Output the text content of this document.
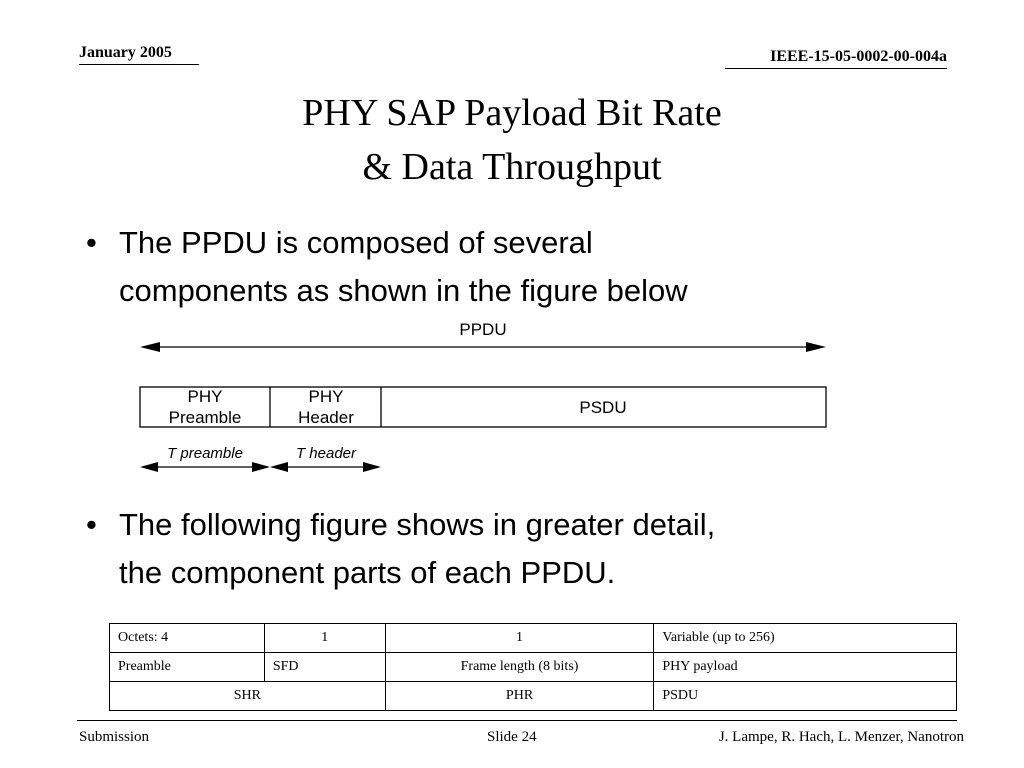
January 2005	IEEE-15-05-0002-00-004a
PHY SAP Payload Bit Rate
& Data Throughput
• The PPDU is composed of several
components as shown in the figure below
PPDU
PHY
Preamble
PHY
Header
PSDU
T preamble	T header
• The following figure shows in greater detail,
the component parts of each PPDU.
Octets: 4	1	1	Variable (up to 256)
Preamble	SFD	Frame length (8 bits)	PHY payload
SHR		PHR	PSDU
Submission	Slide 24	J. Lampe, R. Hach, L. Menzer, Nanotron
